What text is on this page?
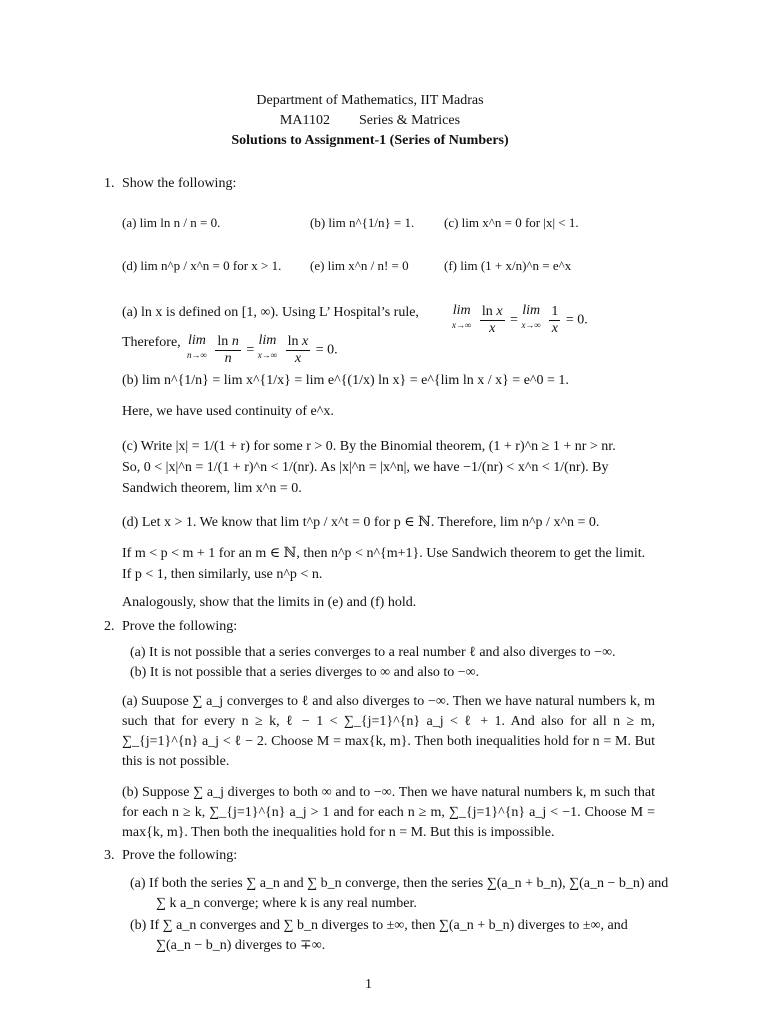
Department of Mathematics, IIT Madras
MA1102 Series & Matrices
Solutions to Assignment-1 (Series of Numbers)
1. Show the following:
(a) lim ln n / n = 0.	(b) lim n^{1/n} = 1. (c) lim x^n = 0 for |x| < 1.
(d) lim n^p / x^n = 0 for x > 1. (e) lim x^n / n! = 0	(f) lim (1 + x/n)^n = e^x
(a) ln x is defined on [1, ∞). Using L’ Hospital’s rule, lim
x→∞
$\frac{\text{ln x}}{x} = \lim$
x→∞
$\frac{1}{x} = 0$.
Therefore, lim
n→∞
$\frac{\text{ln n}}{n} = \lim$
x→∞
$\frac{\text{ln x}}{x} = 0$.
(b) lim n^{1/n} = lim x^{1/x} = lim e^{(1/x) ln x} = e^{lim ln x / x} = e^0 = 1.
Here, we have used continuity of e^x.
(c) Write |x| = 1/(1 + r) for some r > 0. By the Binomial theorem, (1 + r)^n ≥ 1 + nr > nr.
So, 0 < |x|^n = 1/(1 + r)^n < 1/(nr). As |x|^n = |x^n|, we have −1/(nr) < x^n < 1/(nr). By
Sandwich theorem, lim x^n = 0.
(d) Let x > 1. We know that lim t^p / x^t = 0 for p ∈ ℕ. Therefore, lim n^p / x^n = 0.
If m < p < m + 1 for an m ∈ ℕ, then n^p < n^{m+1}. Use Sandwich theorem to get the limit.
If p < 1, then similarly, use n^p < n.
Analogously, show that the limits in (e) and (f) hold.
2. Prove the following:
(a) It is not possible that a series converges to a real number ℓ and also diverges to −∞.
(b) It is not possible that a series diverges to ∞ and also to −∞.
(a) Suupose ∑ a_j converges to ℓ and also diverges to −∞. Then we have natural numbers k, m such that for every n ≥ k, ℓ − 1 < ∑_{j=1}^{n} a_j < ℓ + 1. And also for all n ≥ m, ∑_{j=1}^{n} a_j < ℓ − 2. Choose M = max{k, m}. Then both inequalities hold for n = M. But this is not possible.
(b) Suppose ∑ a_j diverges to both ∞ and to −∞. Then we have natural numbers k, m such that for each n ≥ k, ∑_{j=1}^{n} a_j > 1 and for each n ≥ m, ∑_{j=1}^{n} a_j < −1. Choose M = max{k, m}. Then both the inequalities hold for n = M. But this is impossible.
3. Prove the following:
(a) If both the series ∑ a_n and ∑ b_n converge, then the series ∑(a_n + b_n), ∑(a_n − b_n) and
∑ k a_n converge; where k is any real number.
(b) If ∑ a_n converges and ∑ b_n diverges to ±∞, then ∑(a_n + b_n) diverges to ±∞, and
∑(a_n − b_n) diverges to ∓∞.
1
